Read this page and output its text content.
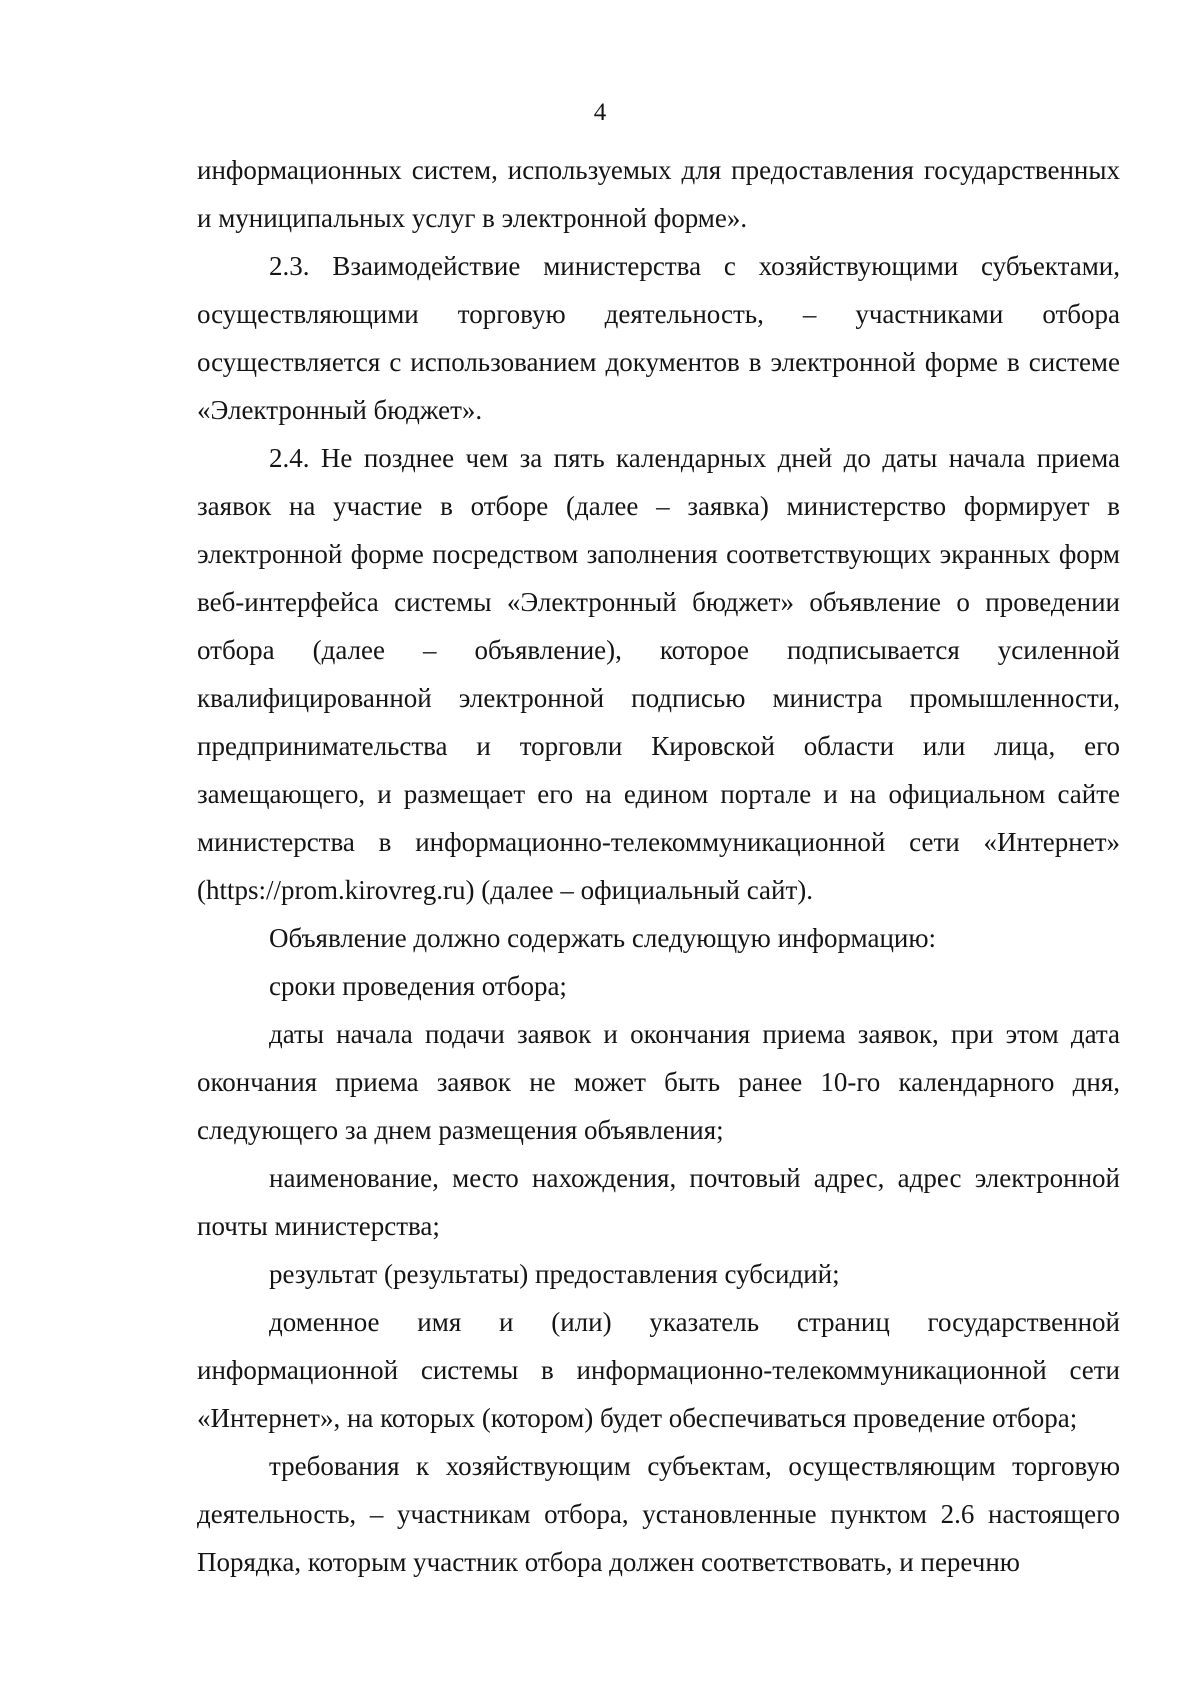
4

информационных систем, используемых для предоставления государственных и муниципальных услуг в электронной форме».

2.3. Взаимодействие министерства с хозяйствующими субъектами, осуществляющими торговую деятельность, – участниками отбора осуществляется с использованием документов в электронной форме в системе «Электронный бюджет».

2.4. Не позднее чем за пять календарных дней до даты начала приема заявок на участие в отборе (далее – заявка) министерство формирует в электронной форме посредством заполнения соответствующих экранных форм веб-интерфейса системы «Электронный бюджет» объявление о проведении отбора (далее – объявление), которое подписывается усиленной квалифицированной электронной подписью министра промышленности, предпринимательства и торговли Кировской области или лица, его замещающего, и размещает его на едином портале и на официальном сайте министерства в информационно-телекоммуникационной сети «Интернет» (https://prom.kirovreg.ru) (далее – официальный сайт).

Объявление должно содержать следующую информацию:

сроки проведения отбора;

даты начала подачи заявок и окончания приема заявок, при этом дата окончания приема заявок не может быть ранее 10-го календарного дня, следующего за днем размещения объявления;

наименование, место нахождения, почтовый адрес, адрес электронной почты министерства;

результат (результаты) предоставления субсидий;

доменное имя и (или) указатель страниц государственной информационной системы в информационно-телекоммуникационной сети «Интернет», на которых (котором) будет обеспечиваться проведение отбора;

требования к хозяйствующим субъектам, осуществляющим торговую деятельность, – участникам отбора, установленные пунктом 2.6 настоящего Порядка, которым участник отбора должен соответствовать, и перечню
